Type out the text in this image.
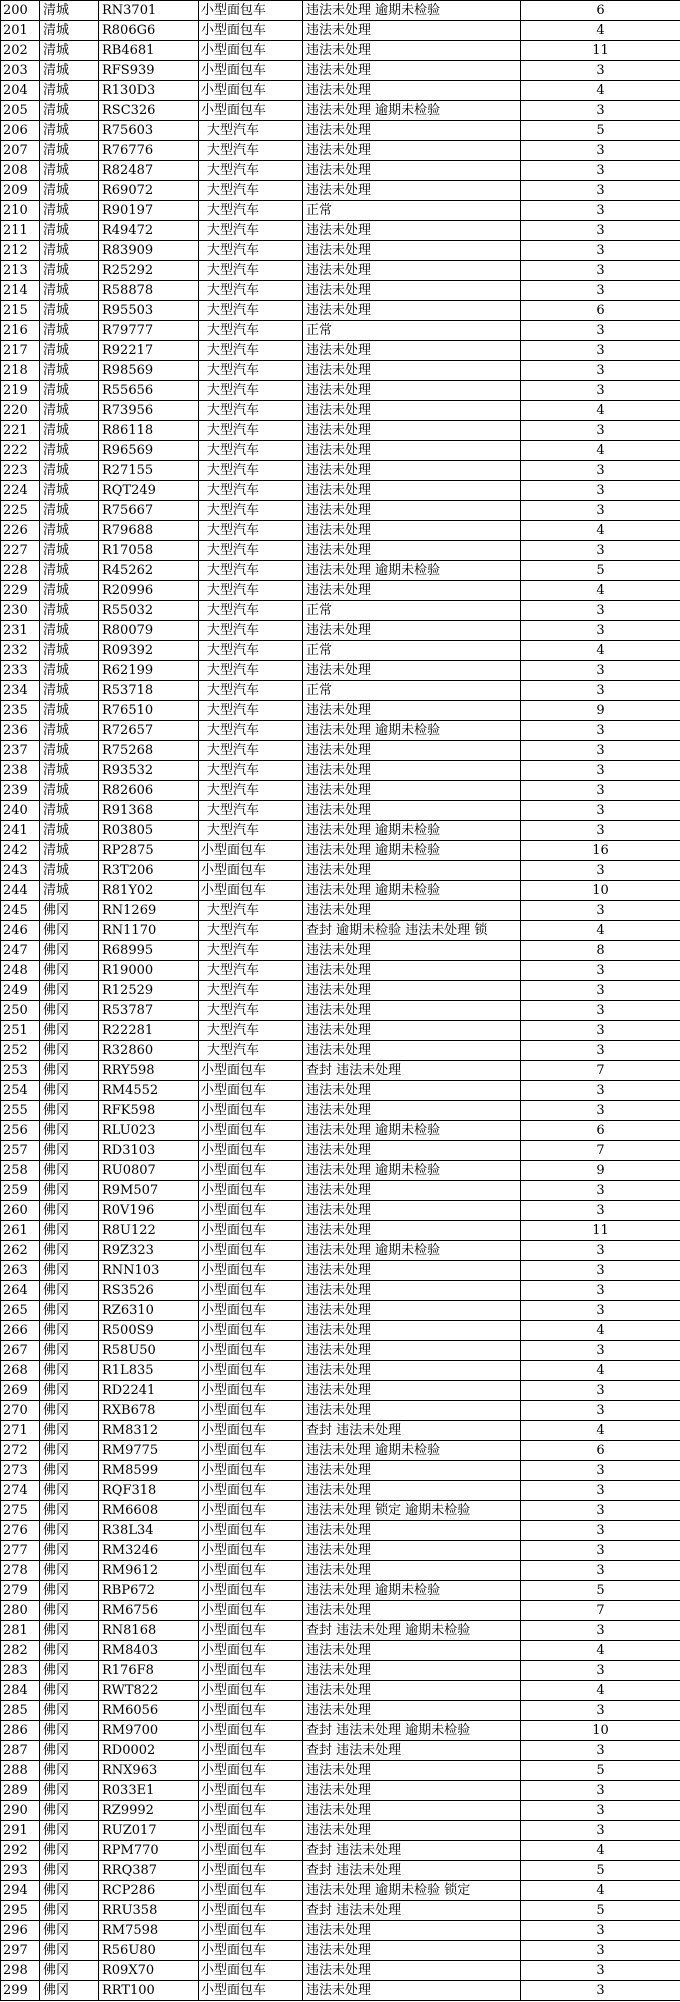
200	清城	RN3701	小型面包车	违法未处理 逾期未检验	6
201	清城	R806G6	小型面包车	违法未处理	4
202	清城	RB4681	小型面包车	违法未处理	11
203	清城	RFS939	小型面包车	违法未处理	3
204	清城	R130D3	小型面包车	违法未处理	4
205	清城	RSC326	小型面包车	违法未处理 逾期未检验	3
206	清城	R75603	大型汽车	违法未处理	5
207	清城	R76776	大型汽车	违法未处理	3
208	清城	R82487	大型汽车	违法未处理	3
209	清城	R69072	大型汽车	违法未处理	3
210	清城	R90197	大型汽车	正常	3
211	清城	R49472	大型汽车	违法未处理	3
212	清城	R83909	大型汽车	违法未处理	3
213	清城	R25292	大型汽车	违法未处理	3
214	清城	R58878	大型汽车	违法未处理	3
215	清城	R95503	大型汽车	违法未处理	6
216	清城	R79777	大型汽车	正常	3
217	清城	R92217	大型汽车	违法未处理	3
218	清城	R98569	大型汽车	违法未处理	3
219	清城	R55656	大型汽车	违法未处理	3
220	清城	R73956	大型汽车	违法未处理	4
221	清城	R86118	大型汽车	违法未处理	3
222	清城	R96569	大型汽车	违法未处理	4
223	清城	R27155	大型汽车	违法未处理	3
224	清城	RQT249	大型汽车	违法未处理	3
225	清城	R75667	大型汽车	违法未处理	3
226	清城	R79688	大型汽车	违法未处理	4
227	清城	R17058	大型汽车	违法未处理	3
228	清城	R45262	大型汽车	违法未处理 逾期未检验	5
229	清城	R20996	大型汽车	违法未处理	4
230	清城	R55032	大型汽车	正常	3
231	清城	R80079	大型汽车	违法未处理	3
232	清城	R09392	大型汽车	正常	4
233	清城	R62199	大型汽车	违法未处理	3
234	清城	R53718	大型汽车	正常	3
235	清城	R76510	大型汽车	违法未处理	9
236	清城	R72657	大型汽车	违法未处理 逾期未检验	3
237	清城	R75268	大型汽车	违法未处理	3
238	清城	R93532	大型汽车	违法未处理	3
239	清城	R82606	大型汽车	违法未处理	3
240	清城	R91368	大型汽车	违法未处理	3
241	清城	R03805	大型汽车	违法未处理 逾期未检验	3
242	清城	RP2875	小型面包车	违法未处理 逾期未检验	16
243	清城	R3T206	小型面包车	违法未处理	3
244	清城	R81Y02	小型面包车	违法未处理 逾期未检验	10
245	佛冈	RN1269	大型汽车	违法未处理	3
246	佛冈	RN1170	大型汽车	查封 逾期未检验 违法未处理 锁	4
247	佛冈	R68995	大型汽车	违法未处理	8
248	佛冈	R19000	大型汽车	违法未处理	3
249	佛冈	R12529	大型汽车	违法未处理	3
250	佛冈	R53787	大型汽车	违法未处理	3
251	佛冈	R22281	大型汽车	违法未处理	3
252	佛冈	R32860	大型汽车	违法未处理	3
253	佛冈	RRY598	小型面包车	查封 违法未处理	7
254	佛冈	RM4552	小型面包车	违法未处理	3
255	佛冈	RFK598	小型面包车	违法未处理	3
256	佛冈	RLU023	小型面包车	违法未处理 逾期未检验	6
257	佛冈	RD3103	小型面包车	违法未处理	7
258	佛冈	RU0807	小型面包车	违法未处理 逾期未检验	9
259	佛冈	R9M507	小型面包车	违法未处理	3
260	佛冈	R0V196	小型面包车	违法未处理	3
261	佛冈	R8U122	小型面包车	违法未处理	11
262	佛冈	R9Z323	小型面包车	违法未处理 逾期未检验	3
263	佛冈	RNN103	小型面包车	违法未处理	3
264	佛冈	RS3526	小型面包车	违法未处理	3
265	佛冈	RZ6310	小型面包车	违法未处理	3
266	佛冈	R500S9	小型面包车	违法未处理	4
267	佛冈	R58U50	小型面包车	违法未处理	3
268	佛冈	R1L835	小型面包车	违法未处理	4
269	佛冈	RD2241	小型面包车	违法未处理	3
270	佛冈	RXB678	小型面包车	违法未处理	3
271	佛冈	RM8312	小型面包车	查封 违法未处理	4
272	佛冈	RM9775	小型面包车	违法未处理 逾期未检验	6
273	佛冈	RM8599	小型面包车	违法未处理	3
274	佛冈	RQF318	小型面包车	违法未处理	3
275	佛冈	RM6608	小型面包车	违法未处理 锁定 逾期未检验	3
276	佛冈	R38L34	小型面包车	违法未处理	3
277	佛冈	RM3246	小型面包车	违法未处理	3
278	佛冈	RM9612	小型面包车	违法未处理	3
279	佛冈	RBP672	小型面包车	违法未处理 逾期未检验	5
280	佛冈	RM6756	小型面包车	违法未处理	7
281	佛冈	RN8168	小型面包车	查封 违法未处理 逾期未检验	3
282	佛冈	RM8403	小型面包车	违法未处理	4
283	佛冈	R176F8	小型面包车	违法未处理	3
284	佛冈	RWT822	小型面包车	违法未处理	4
285	佛冈	RM6056	小型面包车	违法未处理	3
286	佛冈	RM9700	小型面包车	查封 违法未处理 逾期未检验	10
287	佛冈	RD0002	小型面包车	查封 违法未处理	3
288	佛冈	RNX963	小型面包车	违法未处理	5
289	佛冈	R033E1	小型面包车	违法未处理	3
290	佛冈	RZ9992	小型面包车	违法未处理	3
291	佛冈	RUZ017	小型面包车	违法未处理	3
292	佛冈	RPM770	小型面包车	查封 违法未处理	4
293	佛冈	RRQ387	小型面包车	查封 违法未处理	5
294	佛冈	RCP286	小型面包车	违法未处理 逾期未检验 锁定	4
295	佛冈	RRU358	小型面包车	查封 违法未处理	5
296	佛冈	RM7598	小型面包车	违法未处理	3
297	佛冈	R56U80	小型面包车	违法未处理	3
298	佛冈	R09X70	小型面包车	违法未处理	3
299	佛冈	RRT100	小型面包车	违法未处理	3
